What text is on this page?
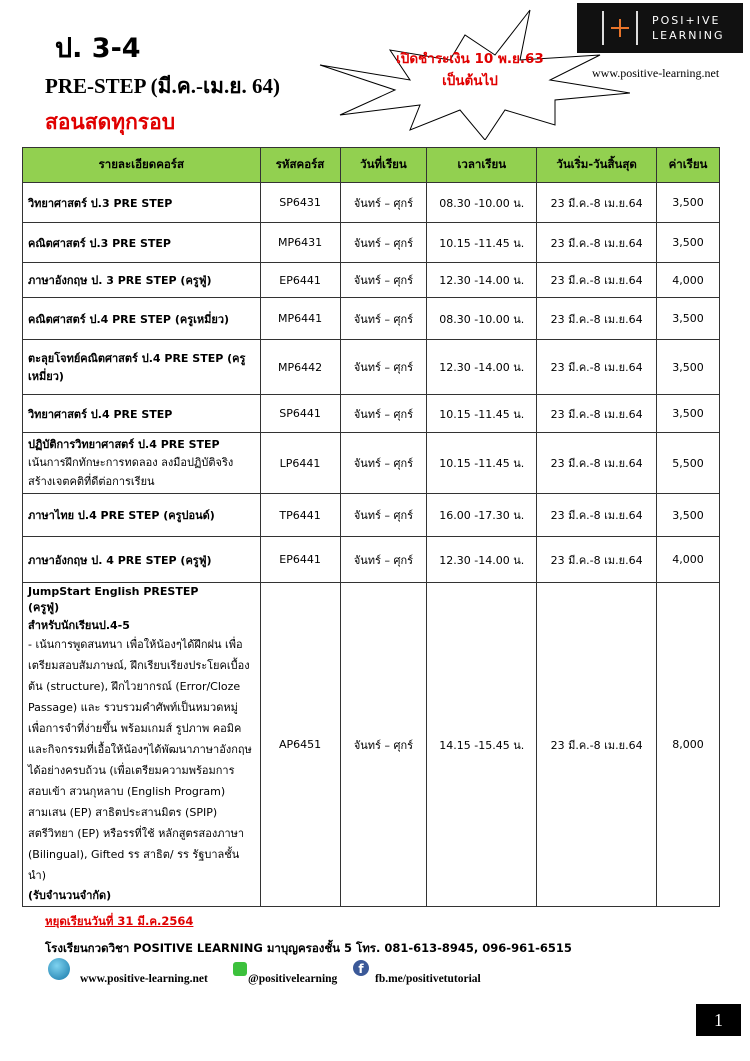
ป. 3-4
PRE-STEP (มี.ค.-เม.ย. 64)
สอนสดทุกรอบ
เปิดชำระเงิน 10 พ.ย.63
เป็นต้นไป
POSI+IVE
LEARNING
www.positive-learning.net
รายละเอียดคอร์ส	รหัสคอร์ส	วันที่เรียน	เวลาเรียน	วันเริ่ม-วันสิ้นสุด	ค่าเรียน

วิทยาศาสตร์ ป.3 PRE STEP	SP6431	จันทร์ – ศุกร์	08.30 -10.00 น.	23 มี.ค.-8 เม.ย.64	3,500

คณิตศาสตร์ ป.3 PRE STEP	MP6431	จันทร์ – ศุกร์	10.15 -11.45 น.	23 มี.ค.-8 เม.ย.64	3,500

ภาษาอังกฤษ ป. 3 PRE STEP (ครูฟู่)	EP6441	จันทร์ – ศุกร์	12.30 -14.00 น.	23 มี.ค.-8 เม.ย.64	4,000

คณิตศาสตร์ ป.4 PRE STEP (ครูเหมี่ยว)	MP6441	จันทร์ – ศุกร์	08.30 -10.00 น.	23 มี.ค.-8 เม.ย.64	3,500

ตะลุยโจทย์คณิตศาสตร์ ป.4 PRE STEP (ครูเหมี่ยว)	MP6442	จันทร์ – ศุกร์	12.30 -14.00 น.	23 มี.ค.-8 เม.ย.64	3,500

วิทยาศาสตร์ ป.4 PRE STEP	SP6441	จันทร์ – ศุกร์	10.15 -11.45 น.	23 มี.ค.-8 เม.ย.64	3,500

ปฏิบัติการวิทยาศาสตร์ ป.4 PRE STEP
เน้นการฝึกทักษะการทดลอง ลงมือปฏิบัติจริงสร้างเจตคติที่ดีต่อการเรียน	LP6441	จันทร์ – ศุกร์	10.15 -11.45 น.	23 มี.ค.-8 เม.ย.64	5,500

ภาษาไทย ป.4 PRE STEP (ครูปอนด์)	TP6441	จันทร์ – ศุกร์	16.00 -17.30 น.	23 มี.ค.-8 เม.ย.64	3,500

ภาษาอังกฤษ ป. 4 PRE STEP (ครูฟู่)	EP6441	จันทร์ – ศุกร์	12.30 -14.00 น.	23 มี.ค.-8 เม.ย.64	4,000

JumpStart English PRESTEP
(ครูฟู่)
สำหรับนักเรียนป.4-5
- เน้นการพูดสนทนา เพื่อให้น้องๆได้ฝึกฝน เพื่อเตรียมสอบสัมภาษณ์, ฝึกเรียบเรียงประโยคเบื้องต้น (structure), ฝึกไวยากรณ์ (Error/Cloze Passage) และ รวบรวมคำศัพท์เป็นหมวดหมู่เพื่อการจำที่ง่ายขึ้น พร้อมเกมส์ รูปภาพ คอมิค และกิจกรรมที่เอื้อให้น้องๆได้พัฒนาภาษาอังกฤษได้อย่างครบถ้วน (เพื่อเตรียมความพร้อมการสอบเข้า สวนกุหลาบ (English Program) สามเสน (EP) สาธิตประสานมิตร (SPIP) สตรีวิทยา (EP) หรือรรที่ใช้ หลักสูตรสองภาษา (Bilingual), Gifted รร สาธิต/ รร รัฐบาลชั้นนำ)
(รับจำนวนจำกัด)	AP6451	จันทร์ – ศุกร์	14.15 -15.45 น.	23 มี.ค.-8 เม.ย.64	8,000
หยุดเรียนวันที่ 31 มี.ค.2564
โรงเรียนกวดวิชา POSITIVE LEARNING มาบุญครองชั้น 5 โทร. 081-613-8945, 096-961-6515
www.positive-learning.net	@positivelearning
f
fb.me/positivetutorial
1
